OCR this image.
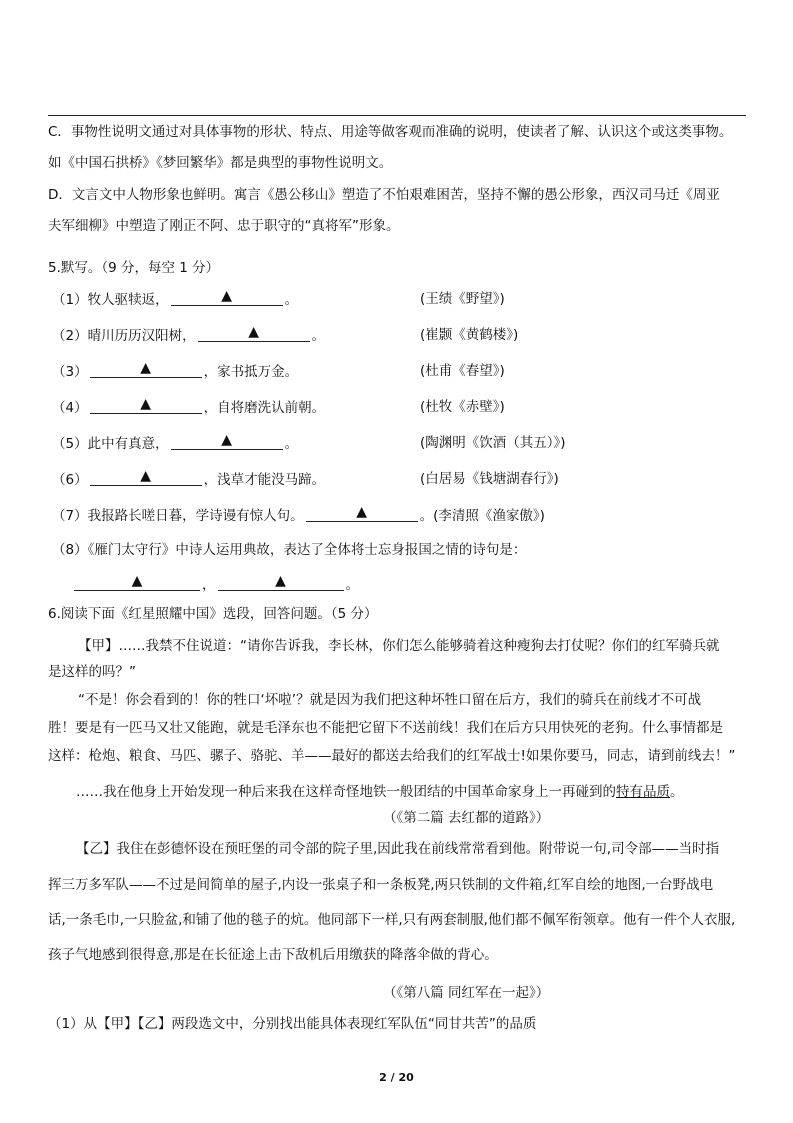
C．事物性说明文通过对具体事物的形状、特点、用途等做客观而准确的说明，使读者了解、认识这个或这类事物。
如《中国石拱桥》《梦回繁华》都是典型的事物性说明文。
D．文言文中人物形象也鲜明。寓言《愚公移山》塑造了不怕艰难困苦，坚持不懈的愚公形象，西汉司马迁《周亚
夫军细柳》中塑造了刚正不阿、忠于职守的“真将军”形象。
5.默写。（9 分，每空 1 分）
（1）牧人驱犊返，	▲	。	(王绩《野望》)
（2）晴川历历汉阳树，	▲	。	(崔颢《黄鹤楼》)
（3）	▲	，家书抵万金。	(杜甫《春望》)
（4）	▲	，自将磨洗认前朝。	(杜牧《赤壁》)
（5）此中有真意，	▲	。	(陶渊明《饮酒（其五）》)
（6）	▲	，浅草才能没马蹄。	(白居易《钱塘湖春行》)
（7）我报路长嗟日暮，学诗谩有惊人句。	▲	。(李清照《渔家傲》)
（8）《雁门太守行》中诗人运用典故，表达了全体将士忘身报国之情的诗句是：
▲	，	▲	。
6.阅读下面《红星照耀中国》选段，回答问题。（5 分）
【甲】……我禁不住说道：“请你告诉我，李长林，你们怎么能够骑着这种瘦狗去打仗呢？你们的红军骑兵就
是这样的吗？”
“不是！你会看到的！你的牲口‘坏啦’？就是因为我们把这种坏牲口留在后方，我们的骑兵在前线才不可战
胜！要是有一匹马又壮又能跑，就是毛泽东也不能把它留下不送前线！我们在后方只用快死的老狗。什么事情都是
这样：枪炮、粮食、马匹、骡子、骆驼、羊——最好的都送去给我们的红军战士!如果你要马，同志，请到前线去！”
……我在他身上开始发现一种后来我在这样奇怪地铁一般团结的中国革命家身上一再碰到的特有品质。
（《第二篇 去红都的道路》）
【乙】我住在彭德怀设在预旺堡的司令部的院子里,因此我在前线常常看到他。附带说一句,司令部——当时指
挥三万多军队——不过是间简单的屋子,内设一张桌子和一条板凳,两只铁制的文件箱,红军自绘的地图,一台野战电
话,一条毛巾,一只脸盆,和铺了他的毯子的炕。他同部下一样,只有两套制服,他们都不佩军衔领章。他有一件个人衣服,
孩子气地感到很得意,那是在长征途上击下敌机后用缴获的降落伞做的背心。
（《第八篇 同红军在一起》）
（1）从【甲】【乙】两段选文中，分别找出能具体表现红军队伍“同甘共苦”的品质
2 / 20
